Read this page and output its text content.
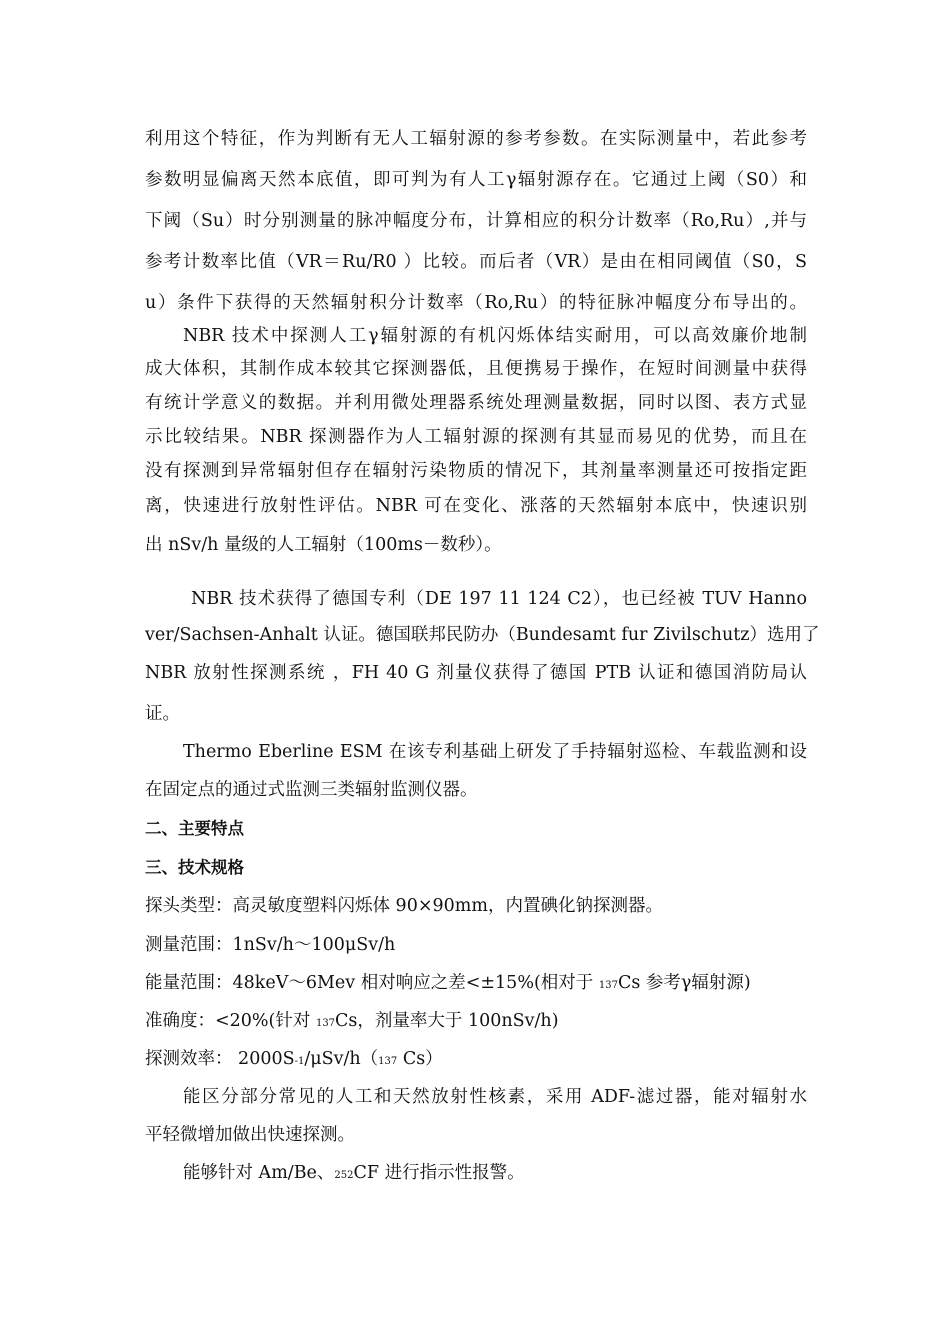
利用这个特征，作为判断有无人工辐射源的参考参数。在实际测量中，若此参考
参数明显偏离天然本底值，即可判为有人工γ辐射源存在。它通过上阈（S0）和
下阈（Su）时分别测量的脉冲幅度分布，计算相应的积分计数率（Ro,Ru）,并与
参考计数率比值（VR＝Ru/R0 ）比较。而后者（VR）是由在相同阈值（S0，S
u）条件下获得的天然辐射积分计数率（Ro,Ru）的特征脉冲幅度分布导出的。
NBR 技术中探测人工γ辐射源的有机闪烁体结实耐用，可以高效廉价地制
成大体积，其制作成本较其它探测器低，且便携易于操作，在短时间测量中获得
有统计学意义的数据。并利用微处理器系统处理测量数据，同时以图、表方式显
示比较结果。NBR 探测器作为人工辐射源的探测有其显而易见的优势，而且在
没有探测到异常辐射但存在辐射污染物质的情况下，其剂量率测量还可按指定距
离，快速进行放射性评估。NBR 可在变化、涨落的天然辐射本底中，快速识别
出 nSv/h 量级的人工辐射（100ms－数秒）。
NBR 技术获得了德国专利（DE 197 11 124 C2），也已经被 TUV Hanno
ver/Sachsen-Anhalt 认证。德国联邦民防办（Bundesamt fur Zivilschutz）选用了
NBR 放射性探测系统 ，FH 40 G 剂量仪获得了德国 PTB 认证和德国消防局认
证。
Thermo Eberline ESM 在该专利基础上研发了手持辐射巡检、车载监测和设
在固定点的通过式监测三类辐射监测仪器。
二、主要特点
三、技术规格
探头类型：高灵敏度塑料闪烁体 90×90mm，内置碘化钠探测器。
测量范围：1nSv/h～100μSv/h
能量范围：48keV～6Mev 相对响应之差<±15%(相对于 137Cs 参考γ辐射源)
准确度：<20%(针对 137Cs，剂量率大于 100nSv/h)
探测效率： 2000S-1/μSv/h（137 Cs）
能区分部分常见的人工和天然放射性核素，采用 ADF-滤过器，能对辐射水
平轻微增加做出快速探测。
能够针对 Am/Be、252CF 进行指示性报警。
